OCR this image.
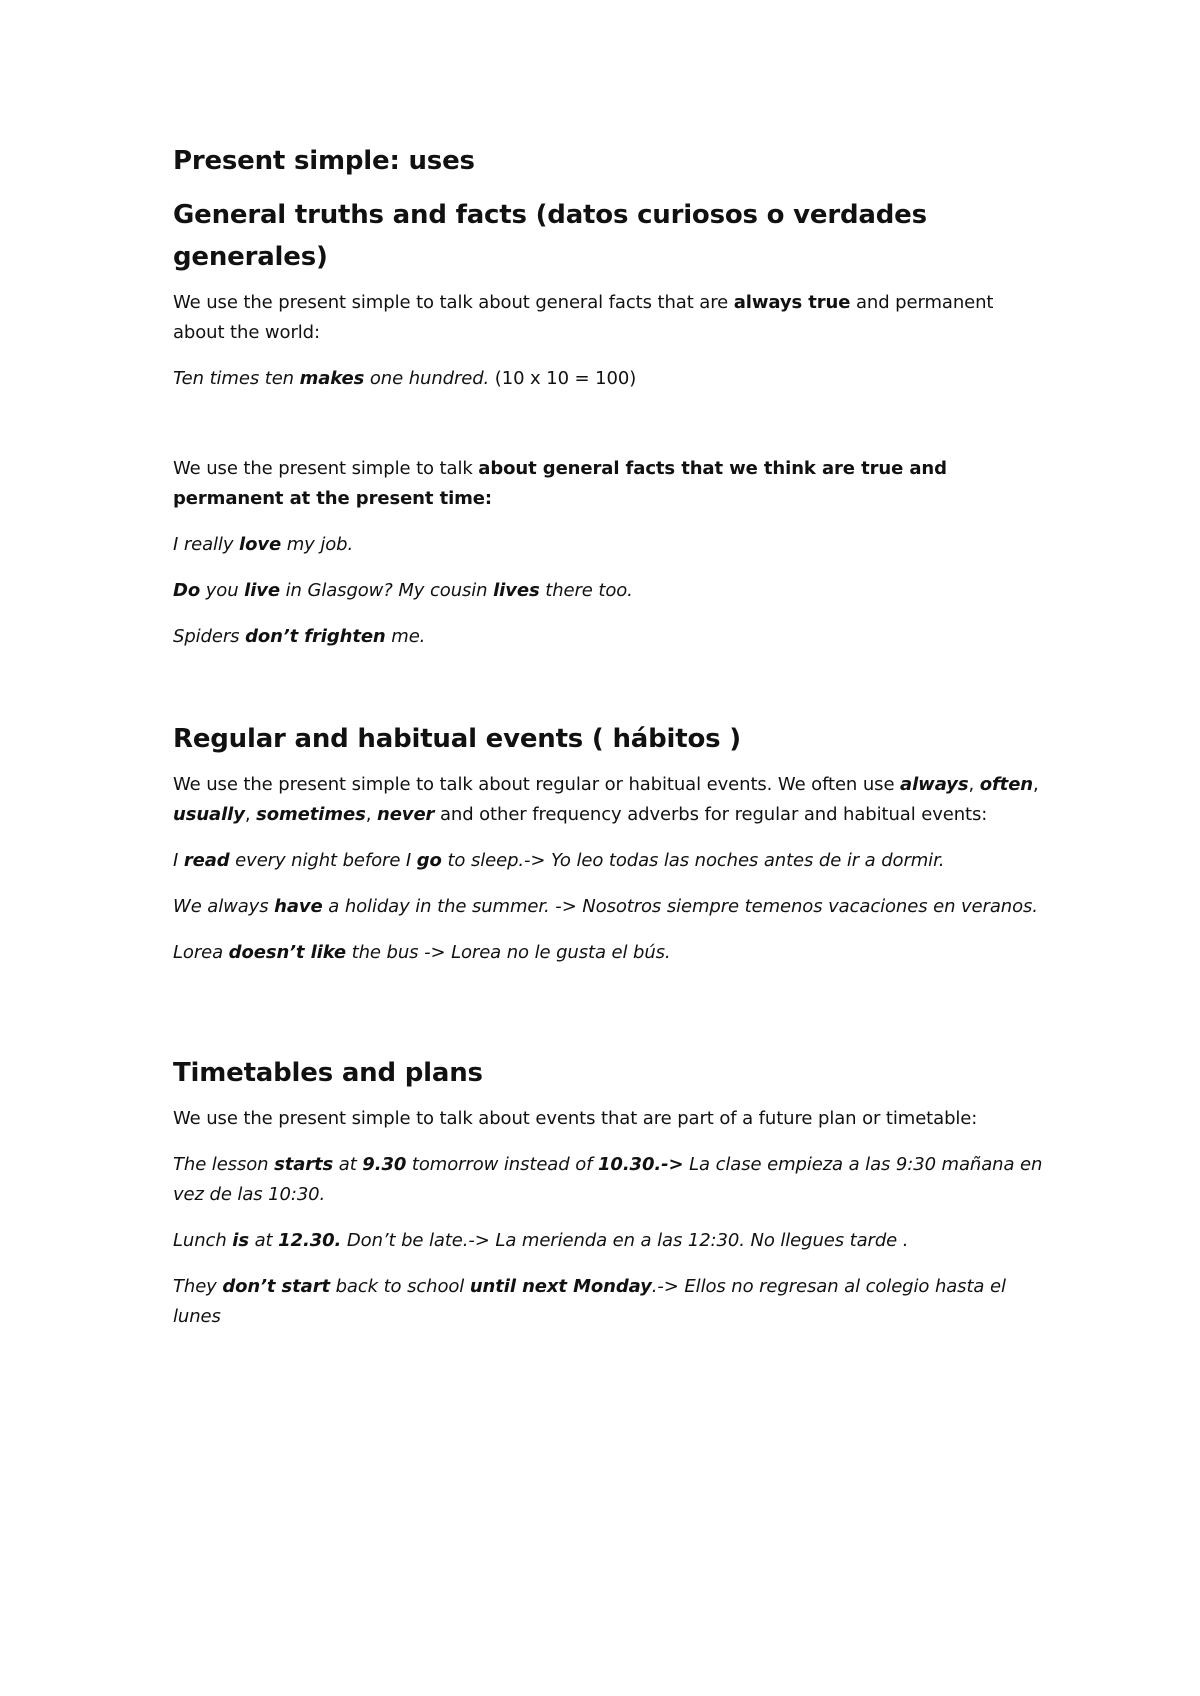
Present simple: uses
General truths and facts (datos curiosos o verdades generales)

We use the present simple to talk about general facts that are always true and permanent about the world:

Ten times ten makes one hundred. (10 x 10 = 100)

We use the present simple to talk about general facts that we think are true and permanent at the present time:

I really love my job.

Do you live in Glasgow? My cousin lives there too.

Spiders don’t frighten me.

Regular and habitual events ( hábitos )

We use the present simple to talk about regular or habitual events. We often use always, often, usually, sometimes, never and other frequency adverbs for regular and habitual events:

I read every night before I go to sleep.-> Yo leo todas las noches antes de ir a dormir.

We always have a holiday in the summer. -> Nosotros siempre temenos vacaciones en veranos.

Lorea doesn’t like the bus -> Lorea no le gusta el bús.

Timetables and plans

We use the present simple to talk about events that are part of a future plan or timetable:

The lesson starts at 9.30 tomorrow instead of 10.30.-> La clase empieza a las 9:30 mañana en vez de las 10:30.

Lunch is at 12.30. Don’t be late.-> La merienda en a las 12:30. No llegues tarde .

They don’t start back to school until next Monday.-> Ellos no regresan al colegio hasta el lunes
